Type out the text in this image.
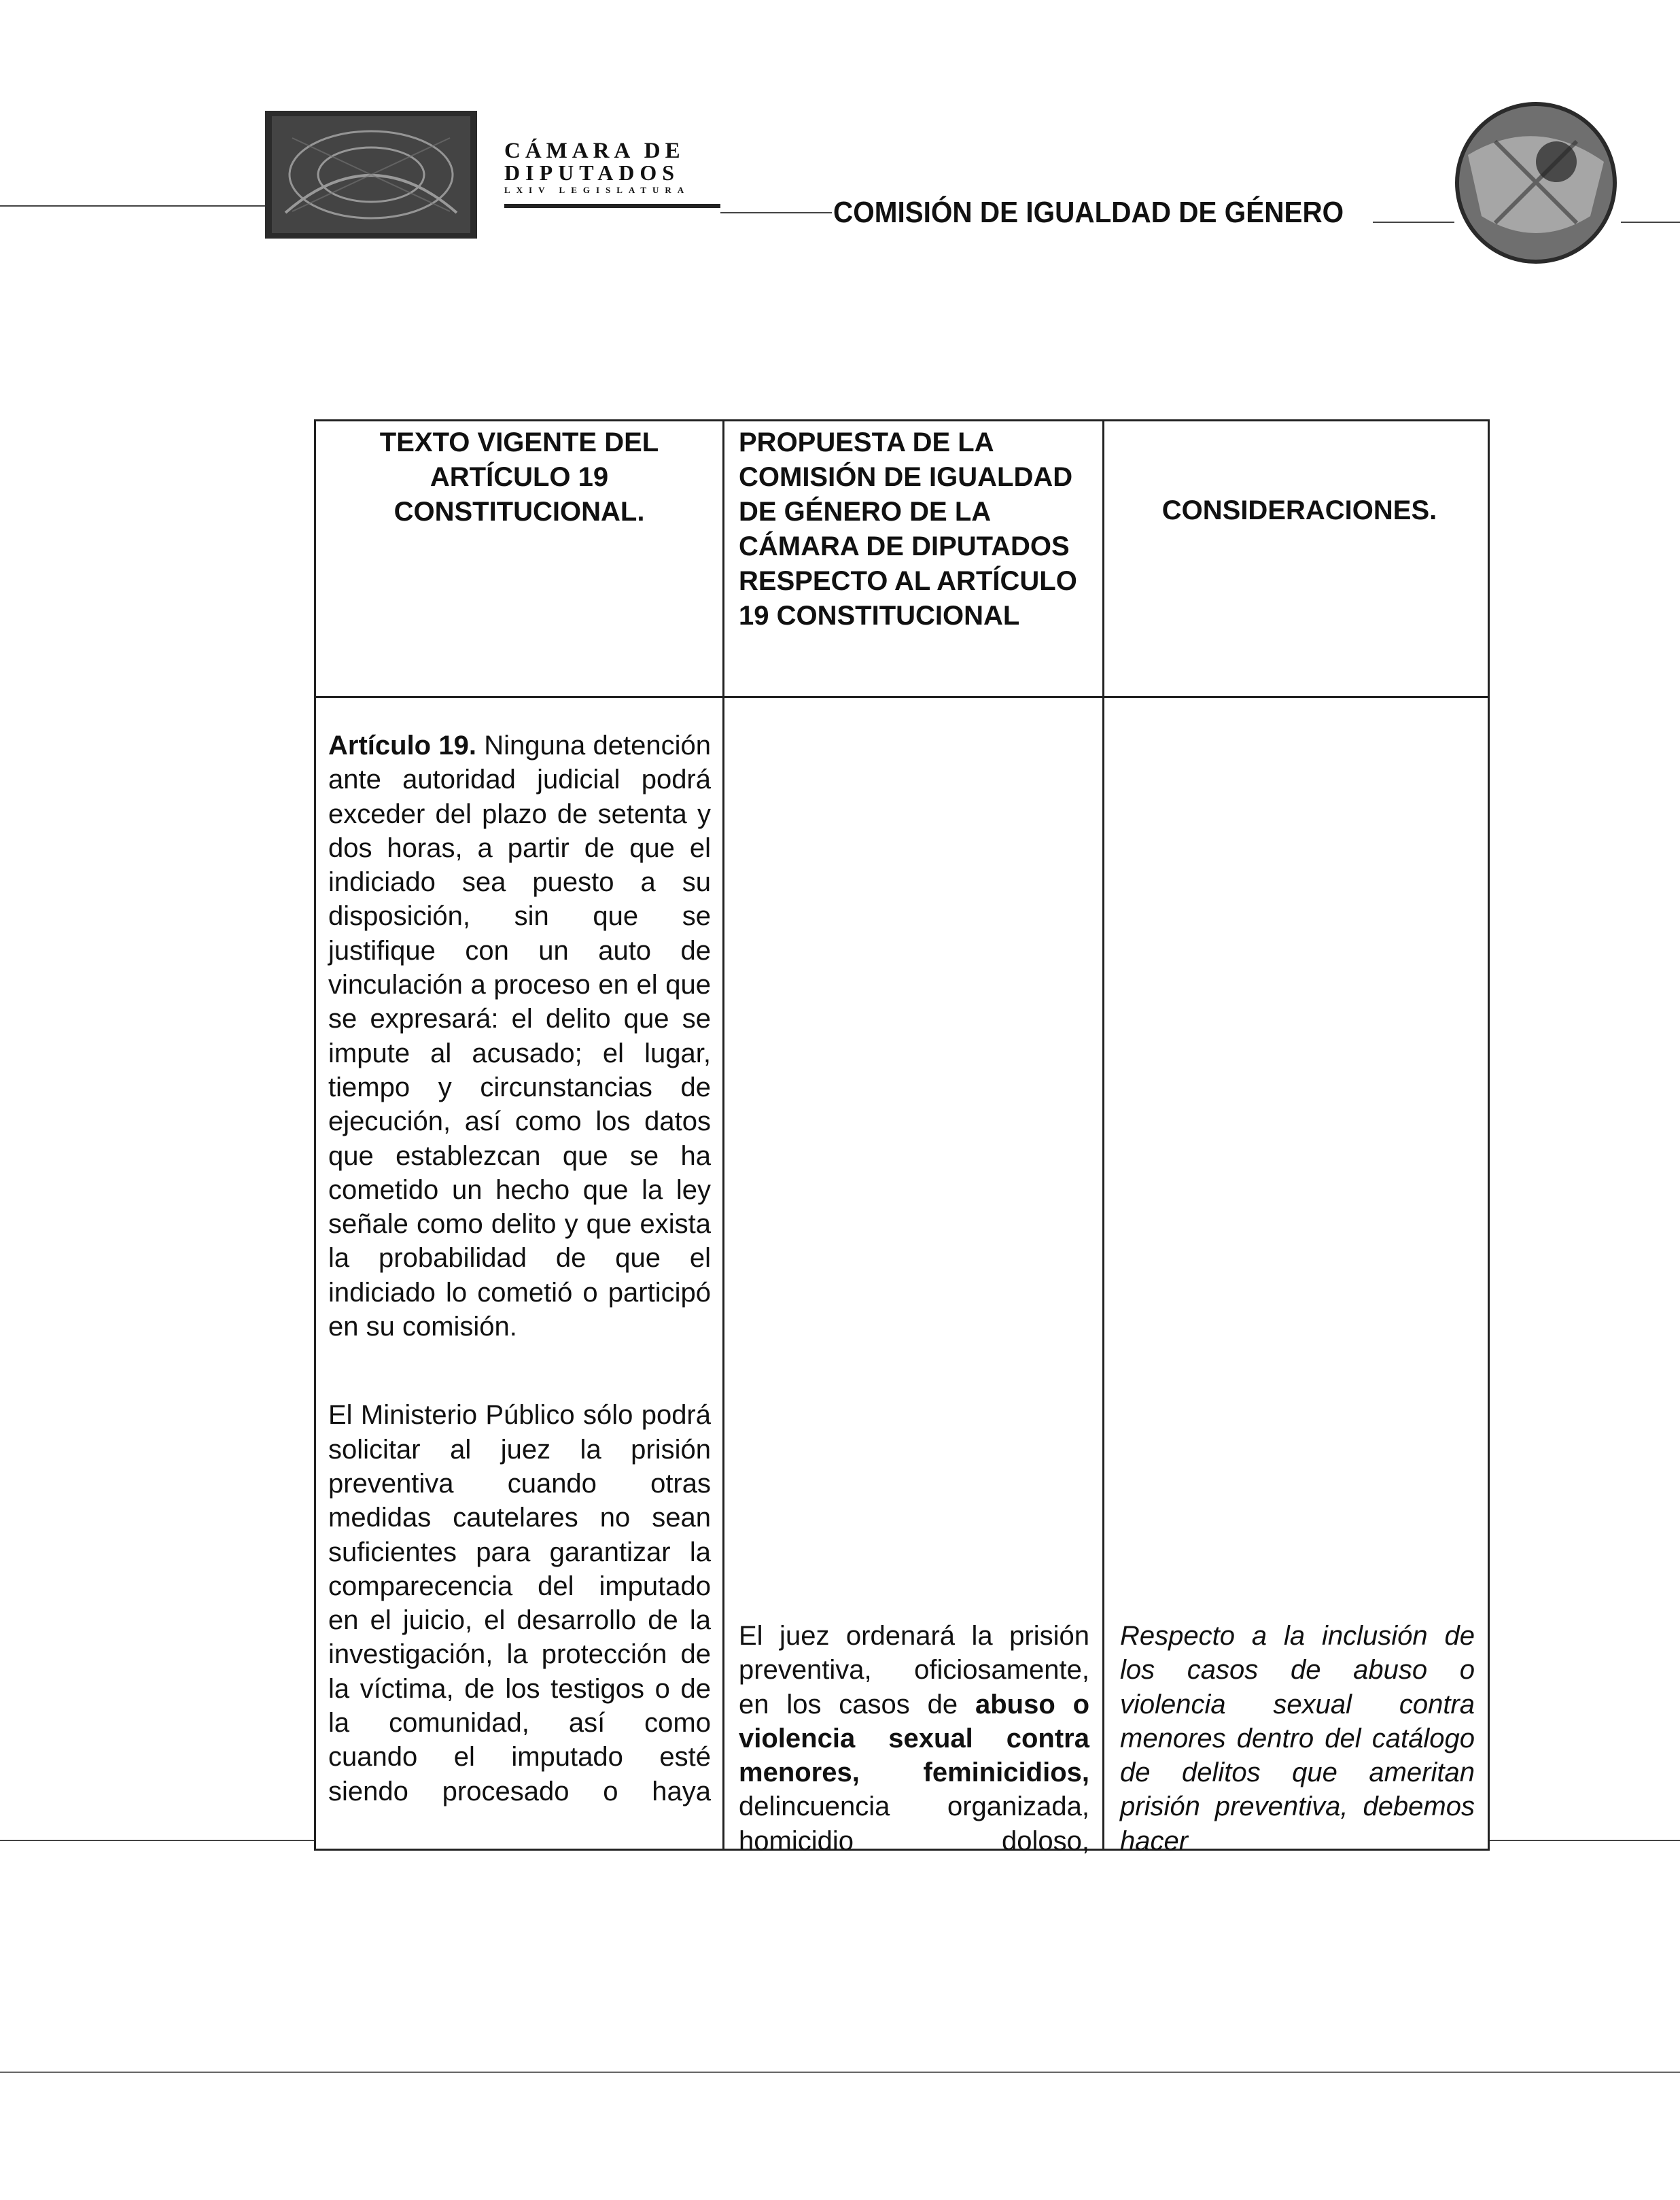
CÁMARA DE
DIPUTADOS
LXIV LEGISLATURA
COMISIÓN DE IGUALDAD DE GÉNERO
TEXTO VIGENTE DEL ARTÍCULO 19 CONSTITUCIONAL.
PROPUESTA DE LA COMISIÓN DE IGUALDAD DE GÉNERO DE LA CÁMARA DE DIPUTADOS RESPECTO AL ARTÍCULO 19 CONSTITUCIONAL
CONSIDERACIONES.

Artículo 19. Ninguna detención ante autoridad judicial podrá exceder del plazo de setenta y dos horas, a partir de que el indiciado sea puesto a su disposición, sin que se justifique con un auto de vinculación a proceso en el que se expresará: el delito que se impute al acusado; el lugar, tiempo y circunstancias de ejecución, así como los datos que establezcan que se ha cometido un hecho que la ley señale como delito y que exista la probabilidad de que el indiciado lo cometió o participó en su comisión.

El Ministerio Público sólo podrá solicitar al juez la prisión preventiva cuando otras medidas cautelares no sean suficientes para garantizar la comparecencia del imputado en el juicio, el desarrollo de la investigación, la protección de la víctima, de los testigos o de la comunidad, así como cuando el imputado esté siendo procesado o haya

El juez ordenará la prisión preventiva, oficiosamente, en los casos de abuso o violencia sexual contra menores, feminicidios, delincuencia organizada, homicidio doloso,

Respecto a la inclusión de los casos de abuso o violencia sexual contra menores dentro del catálogo de delitos que ameritan prisión preventiva, debemos hacer
